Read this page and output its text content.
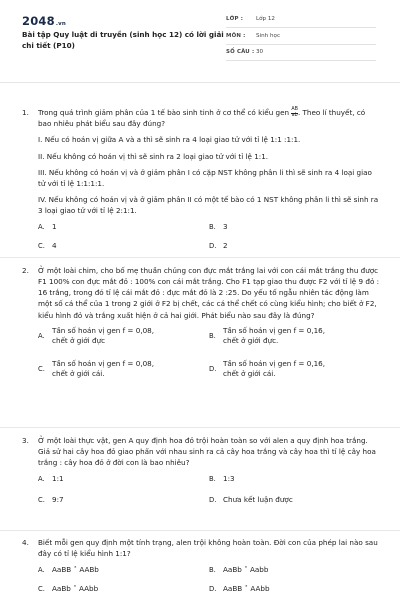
2048.vn
Bài tập Quy luật di truyền (sinh học 12) có lời giải chi tiết (P10)
LỚP : Lớp 12
MÔN : Sinh học
SỐ CÂU : 30
1. Trong quá trình giảm phân của 1 tế bào sinh tinh ở cơ thể có kiểu gen $\frac{AB}{ab}$ . Theo lí thuyết, có bao nhiêu phát biểu sau đây đúng?

I. Nếu có hoán vị giữa A và a thì sẽ sinh ra 4 loại giao tử với tỉ lệ 1:1 :1:1.

II. Nếu không có hoán vị thì sẽ sinh ra 2 loại giao tử với tỉ lệ 1:1.

III. Nếu không có hoán vị và ở giảm phân I có cặp NST không phân li thì sẽ sinh ra 4 loại giao tử với tỉ lệ 1:1:1:1.

IV. Nếu không có hoán vị và ở giảm phân II có một tế bào có 1 NST không phân li thì sẽ sinh ra 3 loại giao tử với tỉ lệ 2:1:1.

A.	1	B. 3
C. 4	D. 2
2. Ở một loài chim, cho bố mẹ thuần chủng con đực mắt trắng lai với con cái mắt trắng thu được F1 100% con đực mắt đỏ : 100% con cái mắt trắng. Cho F1 tạp giao thu được F2 với tỉ lệ 9 đỏ : 16 trắng, trong đó tỉ lệ cái mắt đỏ : đực mắt đỏ là 2 :25. Do yếu tố ngẫu nhiên tác động làm một số cá thể của 1 trong 2 giới ở F2 bị chết, các cá thể chết có cùng kiểu hình; cho biết ở F2, kiểu hình đỏ và trắng xuất hiện ở cả hai giới. Phát biểu nào sau đây là đúng?

A.
Tần số hoán vị gen f = 0,08, chết ở giới đực
B.
Tần số hoán vị gen f = 0,16, chết ở giới đực.
C.
Tần số hoán vị gen f = 0,08, chết ở giới cái.
D.
Tần số hoán vị gen f = 0,16, chết ở giới cái.
3. Ở một loài thực vật, gen A quy định hoa đỏ trội hoàn toàn so với alen a quy định hoa trắng. Giả sử hai cây hoa đỏ giao phấn với nhau sinh ra cả cây hoa trắng và cây hoa thì tỉ lệ cây hoa trắng : cây hoa đỏ ở đời con là bao nhiêu?

A.	1:1	B. 1:3
C. 9:7	D. Chưa kết luận được
4. Biết mỗi gen quy định một tính trạng, alen trội không hoàn toàn. Đời con của phép lai nào sau đây có tỉ lệ kiểu hình 1:1?

A.	AaBB ˟ AABb	B. AaBb ˟ Aabb
C. AaBb ˟ AAbb	D. AaBB ˟ AAbb
